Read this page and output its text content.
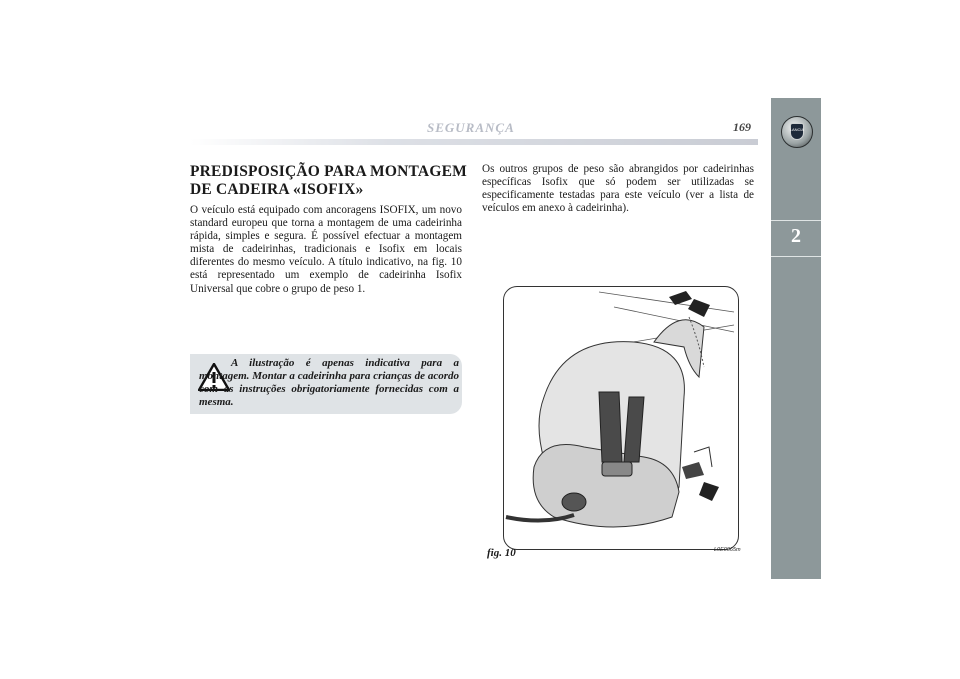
SEGURANÇA	169	LANCIA
2
PREDISPOSIÇÃO PARA MONTAGEM DE CADEIRA «ISOFIX»

O veículo está equipado com ancoragens ISOFIX, um novo standard europeu que torna a montagem de uma cadeirinha rápida, simples e segura. É possível efectuar a montagem mista de cadeirinhas, tradicionais e Isofix em locais diferentes do mesmo veículo. A título indicativo, na fig. 10 está representado um exemplo de cadeirinha Isofix Universal que cobre o grupo de peso 1.

Os outros grupos de peso são abrangidos por cadeirinhas específicas Isofix que só podem ser utilizadas se especificamente testadas para este veículo (ver a lista de veículos em anexo à cadeirinha).

A ilustração é apenas indicativa para a montagem. Montar a cadeirinha para crianças de acordo com as instruções obrigatoriamente fornecidas com a mesma.

fig. 10	L0E0065m
